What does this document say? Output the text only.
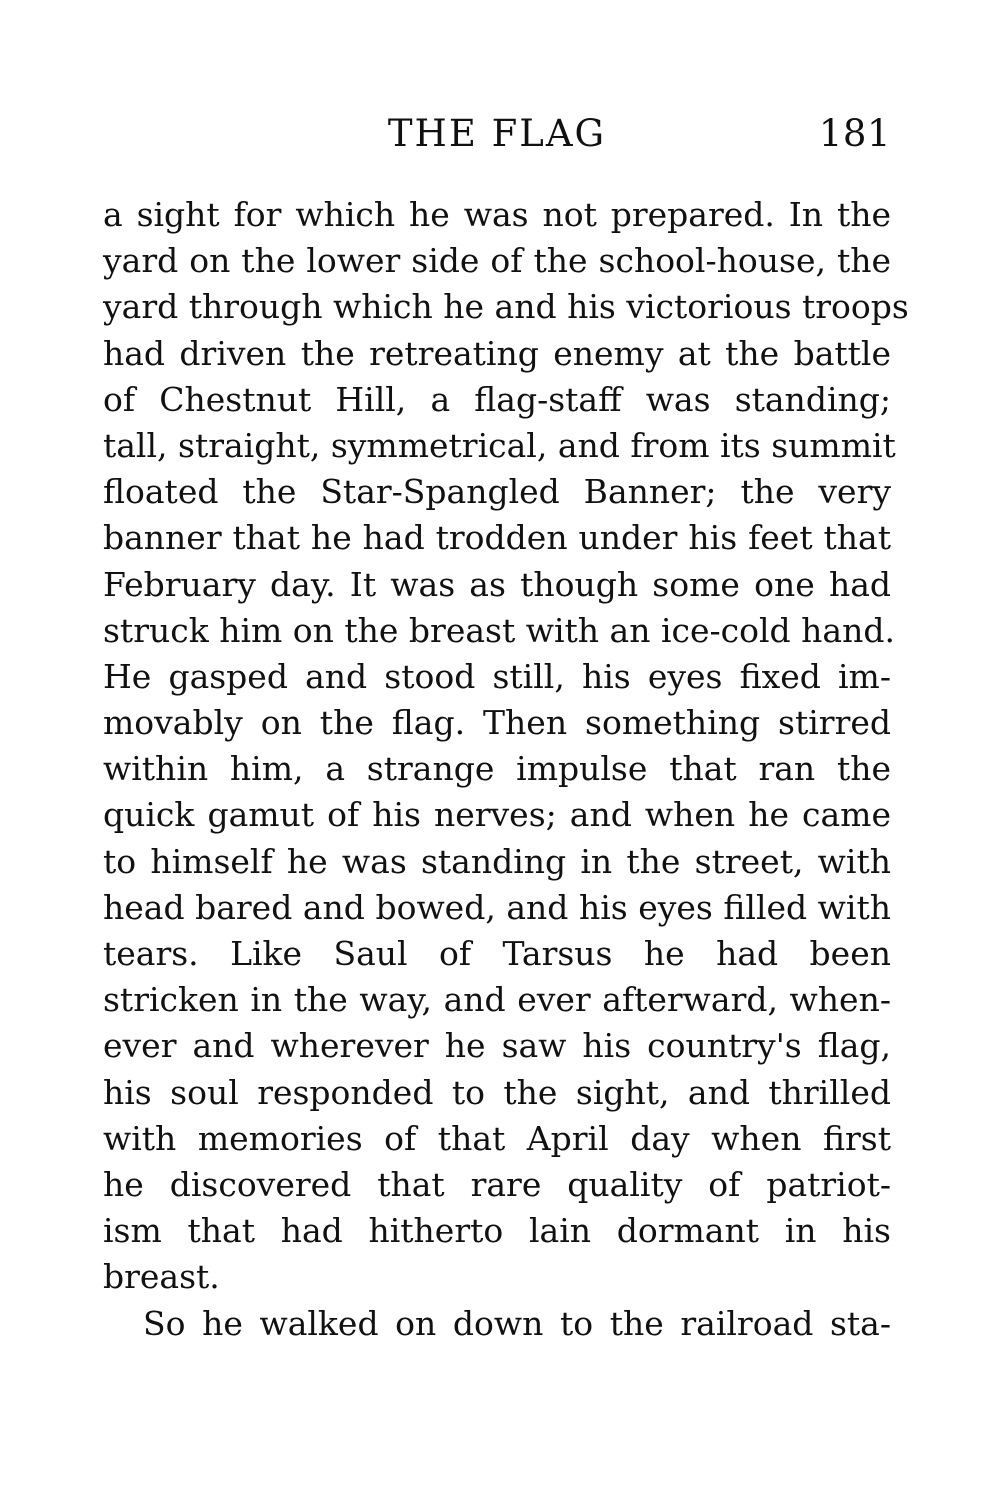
THE FLAG	181
a sight for which he was not prepared. In the
yard on the lower side of the school-house, the
yard through which he and his victorious troops
had driven the retreating enemy at the battle
of Chestnut Hill, a flag-staff was standing;
tall, straight, symmetrical, and from its summit
floated the Star-Spangled Banner; the very
banner that he had trodden under his feet that
February day. It was as though some one had
struck him on the breast with an ice-cold hand.
He gasped and stood still, his eyes fixed im-
movably on the flag. Then something stirred
within him, a strange impulse that ran the
quick gamut of his nerves; and when he came
to himself he was standing in the street, with
head bared and bowed, and his eyes filled with
tears. Like Saul of Tarsus he had been
stricken in the way, and ever afterward, when-
ever and wherever he saw his country's flag,
his soul responded to the sight, and thrilled
with memories of that April day when first
he discovered that rare quality of patriot-
ism that had hitherto lain dormant in his
breast.
So he walked on down to the railroad sta-
